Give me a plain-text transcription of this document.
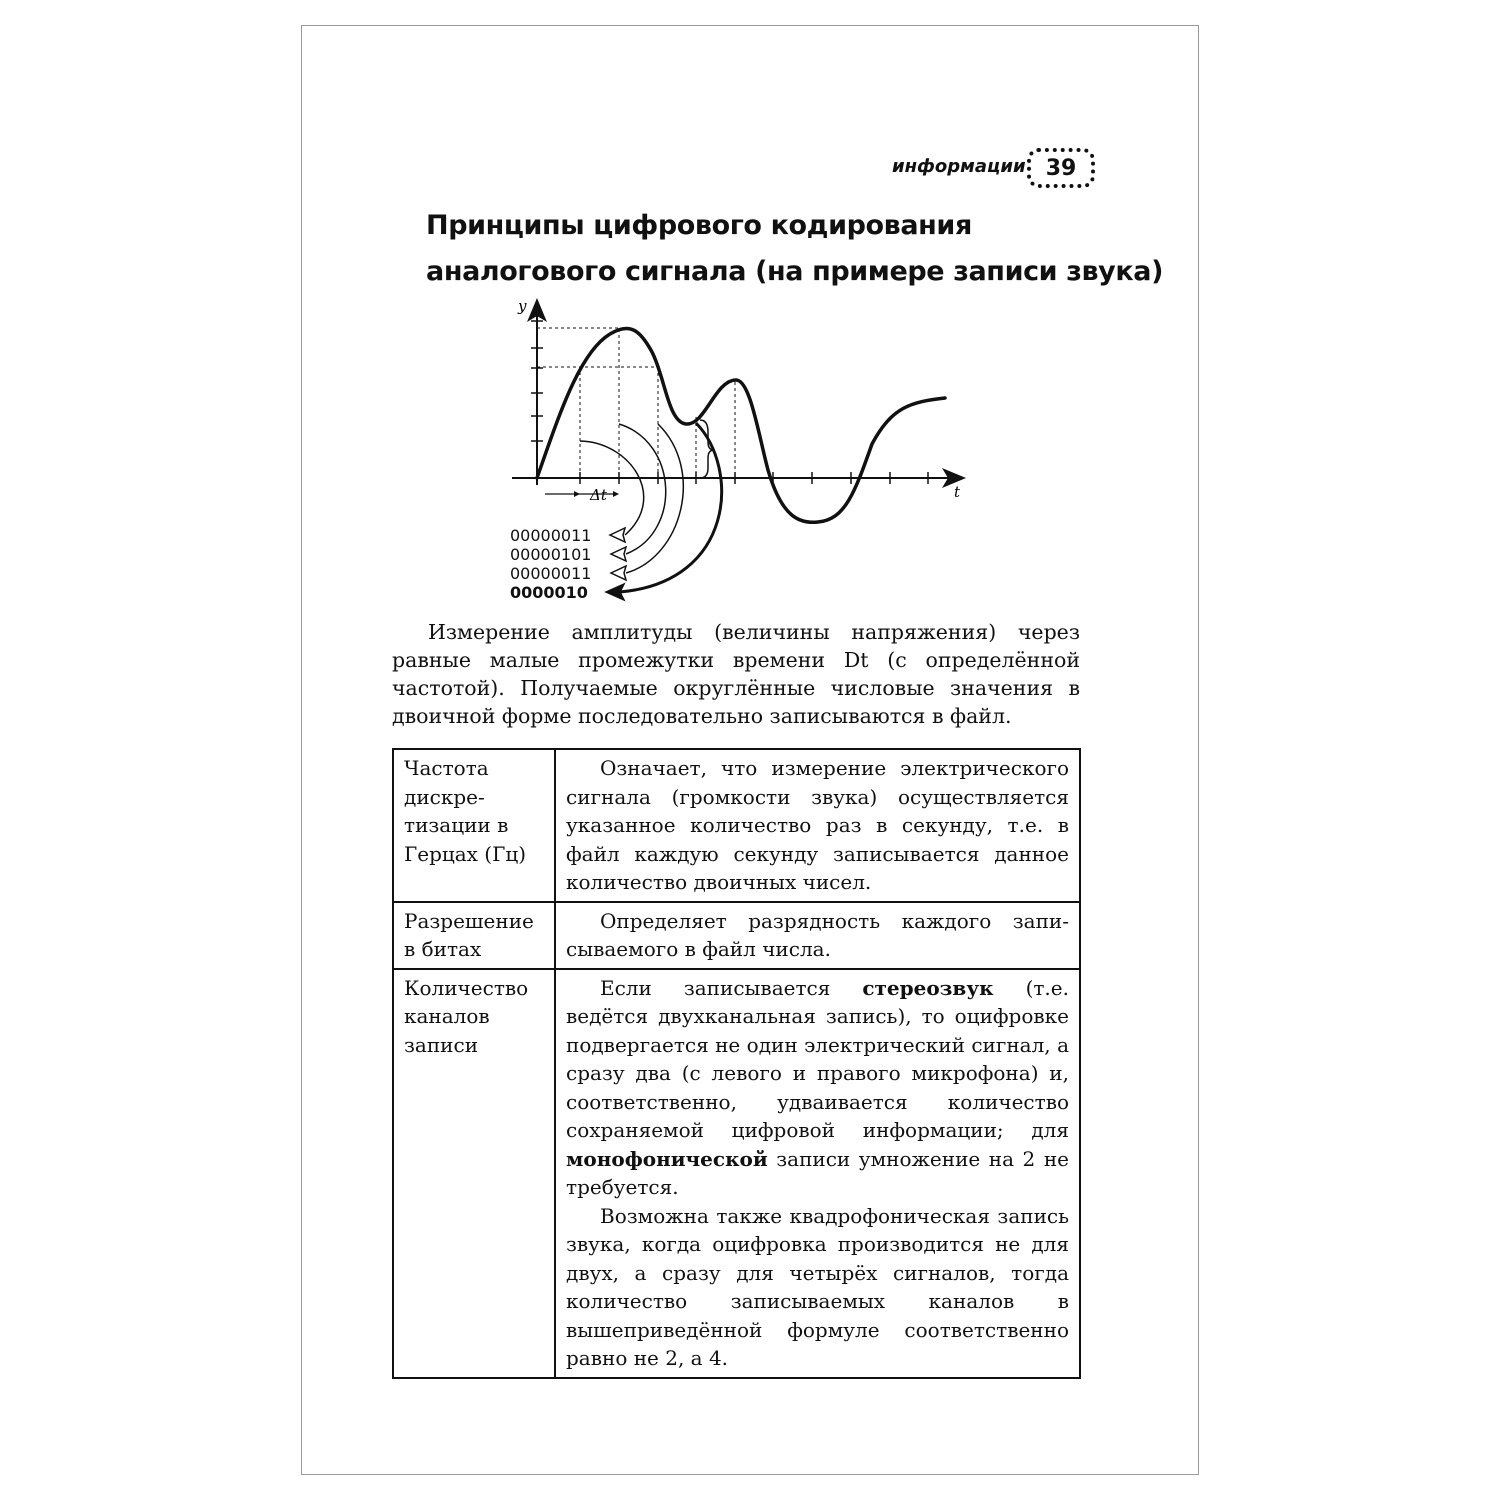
информации 39
Принципы цифрового кодирования
аналогового сигнала (на примере записи звука)
y
t
Δt
00000011
00000101
00000011
0000010

Измерение амплитуды (величины напряжения) через равные малые промежутки времени Dt (с определённой частотой). Получаемые округлённые числовые значения в двоичной форме последовательно записываются в файл.

Частота дискре-тизации в Герцах (Гц)	Означает, что измерение электрического сигнала (громкости звука) осуществляется указанное количество раз в секунду, т.е. в файл каждую секунду записывается данное количество двоичных чисел.

Разрешение в битах	Определяет разрядность каждого запи-сываемого в файл числа.

Количество каналов записи	Если записывается стереозвук (т.е. ведётся двухканальная запись), то оцифровке подвергается не один электрический сигнал, а сразу два (с левого и правого микрофона) и, соответственно, удваивается количество сохраняемой цифровой информации; для монофонической записи умножение на 2 не требуется.

Возможна также квадрофоническая запись звука, когда оцифровка производится не для двух, а сразу для четырёх сигналов, тогда количество записываемых каналов в вышеприведённой формуле соответственно равно не 2, а 4.
